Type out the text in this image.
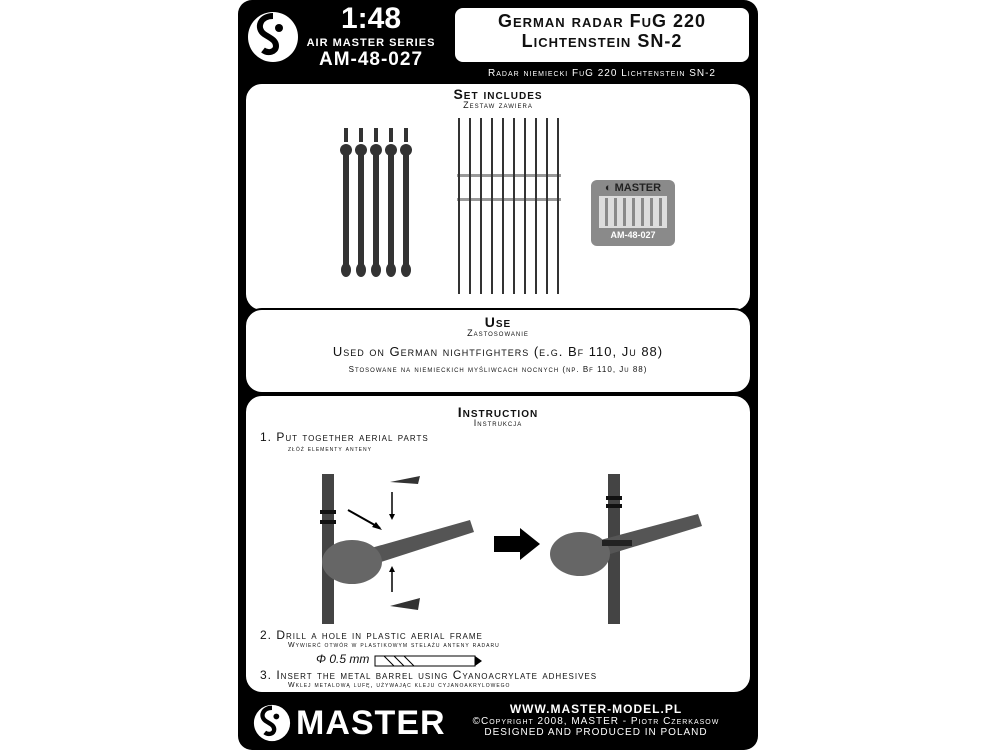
1:48
AIR MASTER SERIES
AM-48-027
German radar FuG 220
Lichtenstein SN-2
Radar niemiecki FuG 220 Lichtenstein SN-2
Set includes
Zestaw zawiera
◐ MASTER
AM-48-027
Use
Zastosowanie
Used on German nightfighters (e.g. Bf 110, Ju 88)
Stosowane na niemieckich myśliwcach nocnych (np. Bf 110, Ju 88)
Instruction
Instrukcja
1. Put together aerial parts
złóż elementy anteny
2. Drill a hole in plastic aerial frame
Wywierć otwór w plastikowym stelażu anteny radaru
Φ 0.5 mm
3. Insert the metal barrel using Cyanoacrylate adhesives
Wklej metalową lufę, używając kleju cyjanoakrylowego
MASTER	WWW.MASTER-MODEL.PL
©Copyright 2008, MASTER - Piotr Czerkasow
DESIGNED AND PRODUCED IN POLAND
